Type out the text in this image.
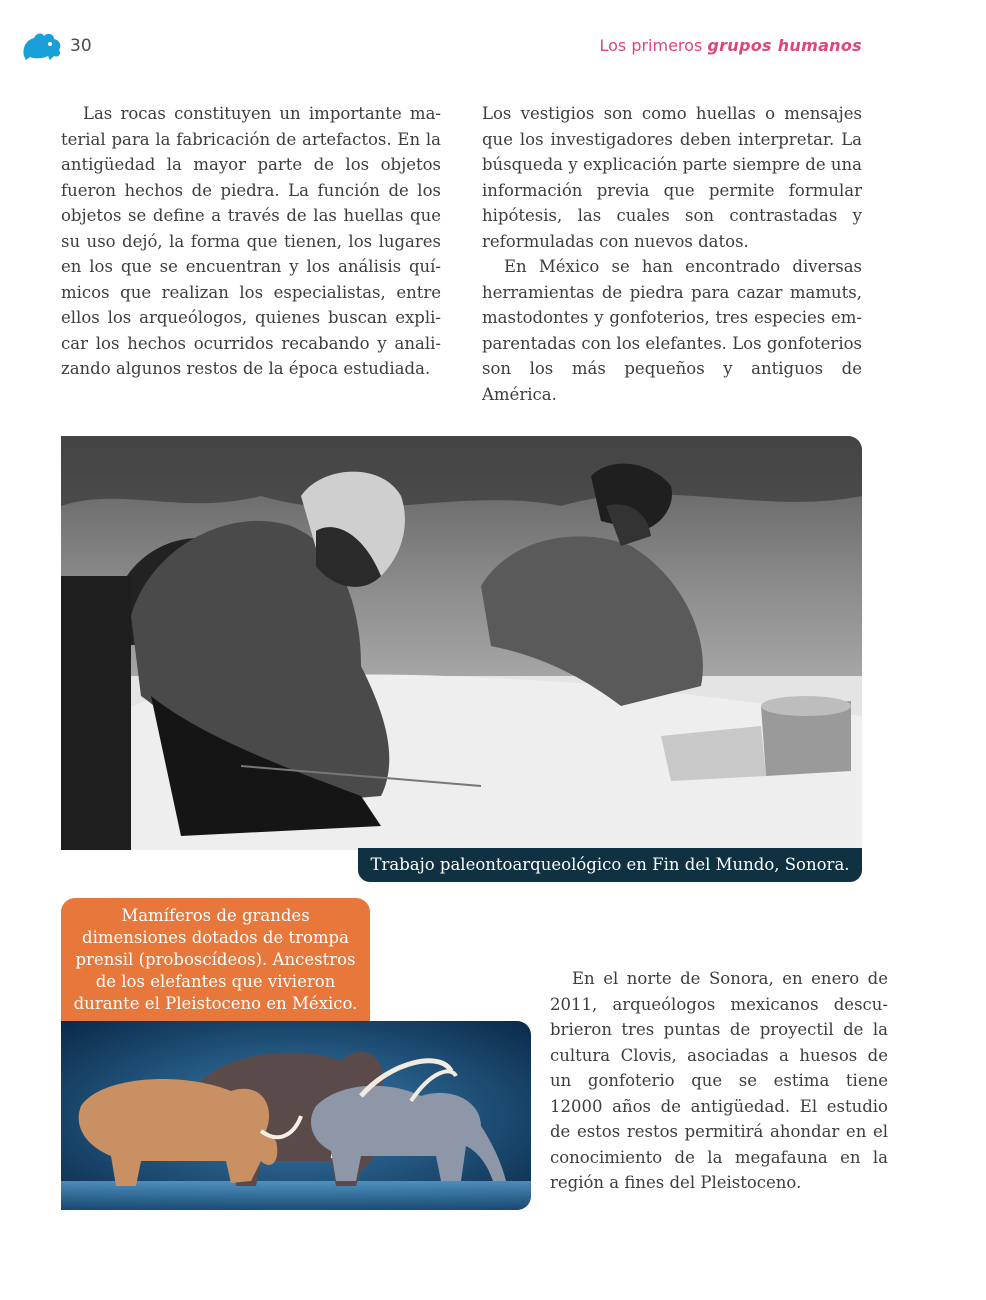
30	Los primeros grupos humanos

Las rocas constituyen un importante material para la fabricación de artefactos. En la antigüedad la mayor parte de los objetos fueron hechos de piedra. La función de los objetos se define a través de las huellas que su uso dejó, la forma que tienen, los lugares en los que se encuentran y los análisis químicos que realizan los especialistas, entre ellos los arqueólogos, quienes buscan explicar los hechos ocurridos recabando y analizando algunos restos de la época estudiada.

Los vestigios son como huellas o mensajes que los investigadores deben interpretar. La búsqueda y explicación parte siempre de una información previa que permite formular hipótesis, las cuales son contrastadas y reformuladas con nuevos datos.

En México se han encontrado diversas herramientas de piedra para cazar mamuts, mastodontes y gonfoterios, tres especies emparentadas con los elefantes. Los gonfoterios son los más pequeños y antiguos de América.

Trabajo paleontoarqueológico en Fin del Mundo, Sonora.
Mamíferos de grandes
dimensiones dotados de trompa
prensil (proboscídeos). Ancestros
de los elefantes que vivieron
durante el Pleistoceno en México.

En el norte de Sonora, en enero de 2011, arqueólogos mexicanos descubrieron tres puntas de proyectil de la cultura Clovis, asociadas a huesos de un gonfoterio que se estima tiene 12000 años de antigüedad. El estudio de estos restos permitirá ahondar en el conocimiento de la megafauna en la región a fines del Pleistoceno.
